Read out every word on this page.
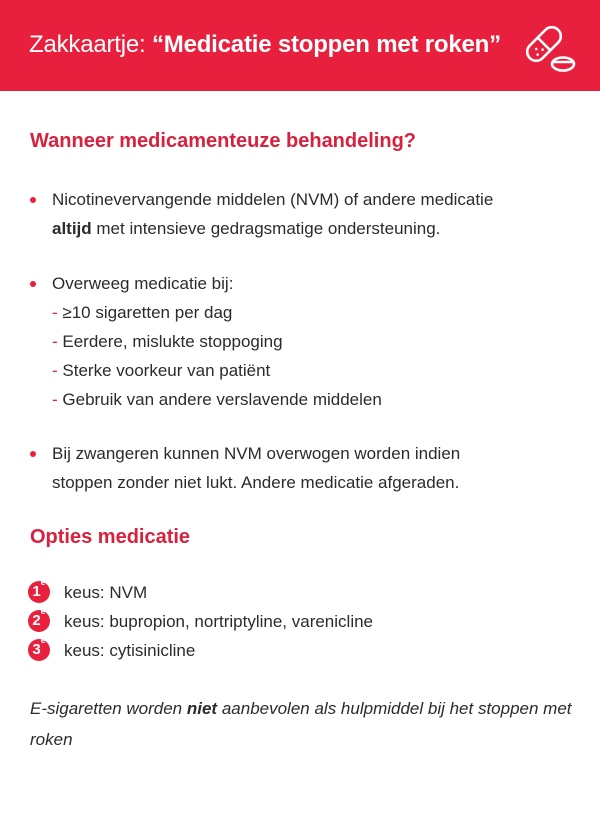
Zakkaartje: “Medicatie stoppen met roken”
Wanneer medicamenteuze behandeling?
Nicotinevervangende middelen (NVM) of andere medicatie
altijd met intensieve gedragsmatige ondersteuning.
Overweeg medicatie bij:
- ≥10 sigaretten per dag
- Eerdere, mislukte stoppoging
- Sterke voorkeur van patiënt
- Gebruik van andere verslavende middelen
Bij zwangeren kunnen NVM overwogen worden indien
stoppen zonder niet lukt. Andere medicatie afgeraden.
Opties medicatie
1ekeus: NVM
2ekeus: bupropion, nortriptyline, varenicline
3ekeus: cytisinicline
E-sigaretten worden niet aanbevolen als hulpmiddel bij het stoppen met roken
